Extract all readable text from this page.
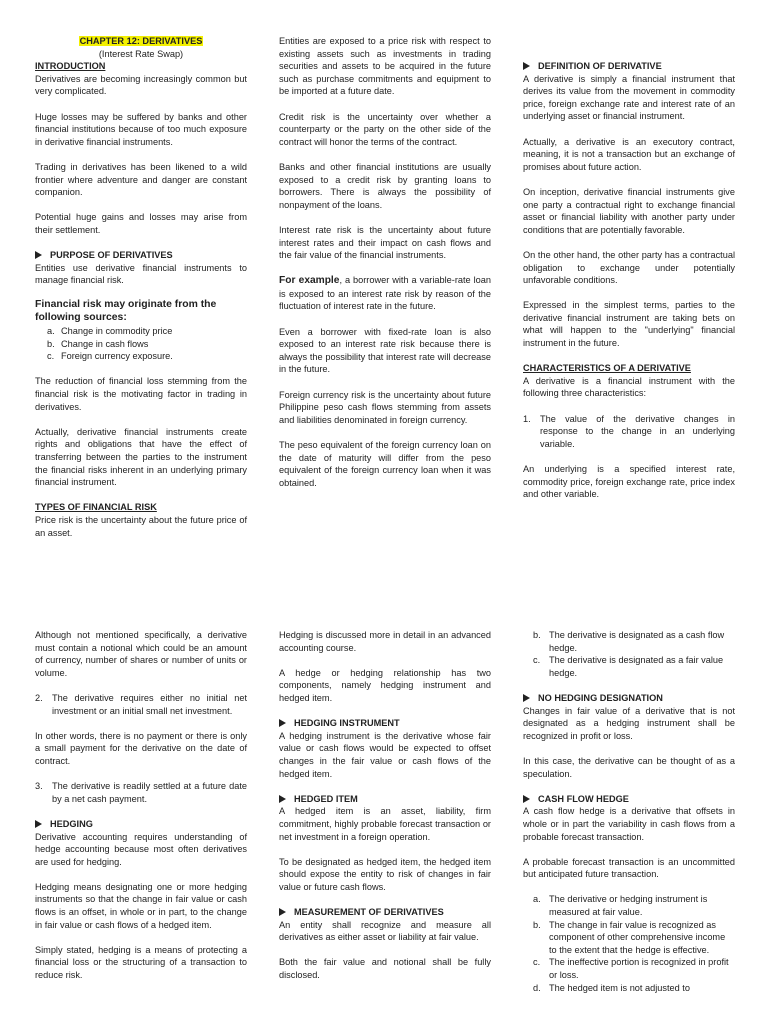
CHAPTER 12: DERIVATIVES
(Interest Rate Swap)
INTRODUCTION

Derivatives are becoming increasingly common but very complicated.

Huge losses may be suffered by banks and other financial institutions because of too much exposure in derivative financial instruments.

Trading in derivatives has been likened to a wild frontier where adventure and danger are constant companion.

Potential huge gains and losses may arise from their settlement.

PURPOSE OF DERIVATIVES

Entities use derivative financial instruments to manage financial risk.

Financial risk may originate from the following sources:
a. Change in commodity price
b. Change in cash flows
c. Foreign currency exposure.

The reduction of financial loss stemming from the financial risk is the motivating factor in trading in derivatives.

Actually, derivative financial instruments create rights and obligations that have the effect of transferring between the parties to the instrument the financial risks inherent in an underlying primary financial instrument.

TYPES OF FINANCIAL RISK

Price risk is the uncertainty about the future price of an asset.

Entities are exposed to a price risk with respect to existing assets such as investments in trading securities and assets to be acquired in the future such as purchase commitments and equipment to be imported at a future date.

Credit risk is the uncertainty over whether a counterparty or the party on the other side of the contract will honor the terms of the contract.

Banks and other financial institutions are usually exposed to a credit risk by granting loans to borrowers. There is always the possibility of nonpayment of the loans.

Interest rate risk is the uncertainty about future interest rates and their impact on cash flows and the fair value of the financial instruments.

For example, a borrower with a variable-rate loan is exposed to an interest rate risk by reason of the fluctuation of interest rate in the future.

Even a borrower with fixed-rate loan is also exposed to an interest rate risk because there is always the possibility that interest rate will decrease in the future.

Foreign currency risk is the uncertainty about future Philippine peso cash flows stemming from assets and liabilities denominated in foreign currency.

The peso equivalent of the foreign currency loan on the date of maturity will differ from the peso equivalent of the foreign currency loan when it was obtained.

DEFINITION OF DERIVATIVE

A derivative is simply a financial instrument that derives its value from the movement in commodity price, foreign exchange rate and interest rate of an underlying asset or financial instrument.

Actually, a derivative is an executory contract, meaning, it is not a transaction but an exchange of promises about future action.

On inception, derivative financial instruments give one party a contractual right to exchange financial asset or financial liability with another party under conditions that are potentially favorable.

On the other hand, the other party has a contractual obligation to exchange under potentially unfavorable conditions.

Expressed in the simplest terms, parties to the derivative financial instrument are taking bets on what will happen to the "underlying" financial instrument in the future.

CHARACTERISTICS OF A DERIVATIVE

A derivative is a financial instrument with the following three characteristics:

1. The value of the derivative changes in response to the change in an underlying variable.

An underlying is a specified interest rate, commodity price, foreign exchange rate, price index and other variable.

Although not mentioned specifically, a derivative must contain a notional which could be an amount of currency, number of shares or number of units or volume.

2. The derivative requires either no initial net investment or an initial small net investment.

In other words, there is no payment or there is only a small payment for the derivative on the date of contract.

3. The derivative is readily settled at a future date by a net cash payment.
HEDGING

Derivative accounting requires understanding of hedge accounting because most often derivatives are used for hedging.

Hedging means designating one or more hedging instruments so that the change in fair value or cash flows is an offset, in whole or in part, to the change in fair value or cash flows of a hedged item.

Simply stated, hedging is a means of protecting a financial loss or the structuring of a transaction to reduce risk.

Hedging is discussed more in detail in an advanced accounting course.

A hedge or hedging relationship has two components, namely hedging instrument and hedged item.

HEDGING INSTRUMENT

A hedging instrument is the derivative whose fair value or cash flows would be expected to offset changes in the fair value or cash flows of the hedged item.

HEDGED ITEM

A hedged item is an asset, liability, firm commitment, highly probable forecast transaction or net investment in a foreign operation.

To be designated as hedged item, the hedged item should expose the entity to risk of changes in fair value or future cash flows.

MEASUREMENT OF DERIVATIVES

An entity shall recognize and measure all derivatives as either asset or liability at fair value.

Both the fair value and notional shall be fully disclosed.

b. The derivative is designated as a cash flow hedge.
c. The derivative is designated as a fair value hedge.
NO HEDGING DESIGNATION

Changes in fair value of a derivative that is not designated as a hedging instrument shall be recognized in profit or loss.

In this case, the derivative can be thought of as a speculation.

CASH FLOW HEDGE

A cash flow hedge is a derivative that offsets in whole or in part the variability in cash flows from a probable forecast transaction.

A probable forecast transaction is an uncommitted but anticipated future transaction.

a. The derivative or hedging instrument is measured at fair value.
b. The change in fair value is recognized as component of other comprehensive income to the extent that the hedge is effective.
c. The ineffective portion is recognized in profit or loss.
d. The hedged item is not adjusted to
